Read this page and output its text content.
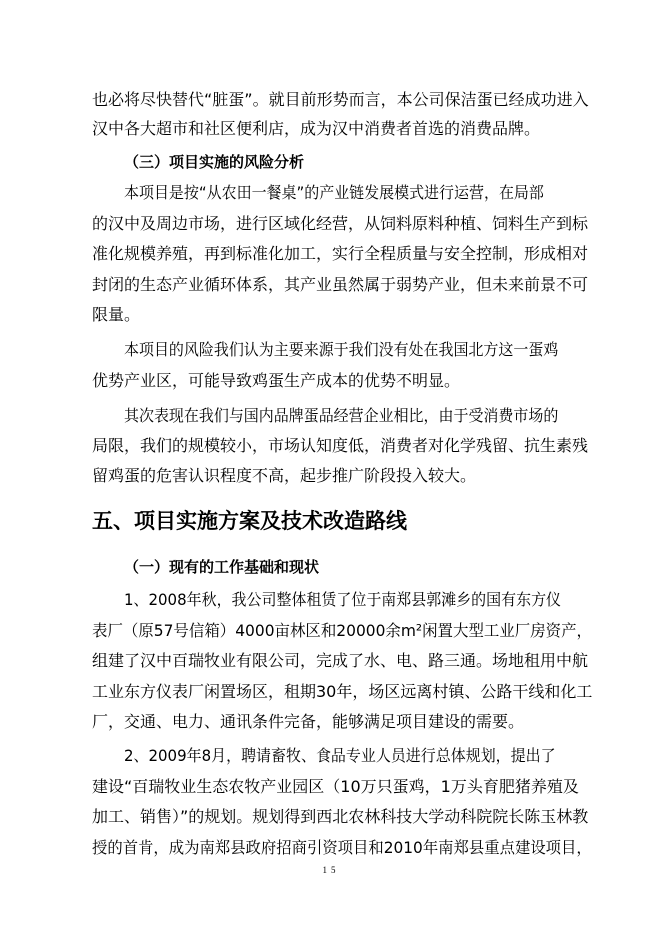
也必将尽快替代“脏蛋”。就目前形势而言，本公司保洁蛋已经成功进入
汉中各大超市和社区便利店，成为汉中消费者首选的消费品牌。
（三）项目实施的风险分析
本项目是按“从农田一餐桌”的产业链发展模式进行运营，在局部
的汉中及周边市场，进行区域化经营，从饲料原料种植、饲料生产到标
准化规模养殖，再到标准化加工，实行全程质量与安全控制，形成相对
封闭的生态产业循环体系，其产业虽然属于弱势产业，但未来前景不可
限量。
本项目的风险我们认为主要来源于我们没有处在我国北方这一蛋鸡
优势产业区，可能导致鸡蛋生产成本的优势不明显。
其次表现在我们与国内品牌蛋品经营企业相比，由于受消费市场的
局限，我们的规模较小，市场认知度低，消费者对化学残留、抗生素残
留鸡蛋的危害认识程度不高，起步推广阶段投入较大。
五、项目实施方案及技术改造路线
（一）现有的工作基础和现状
1、2008年秋，我公司整体租赁了位于南郑县郭滩乡的国有东方仪
表厂（原57号信箱）4000亩林区和20000余m²闲置大型工业厂房资产，
组建了汉中百瑞牧业有限公司，完成了水、电、路三通。场地租用中航
工业东方仪表厂闲置场区，租期30年，场区远离村镇、公路干线和化工
厂，交通、电力、通讯条件完备，能够满足项目建设的需要。
2、2009年8月，聘请畜牧、食品专业人员进行总体规划，提出了
建设“百瑞牧业生态农牧产业园区（10万只蛋鸡，1万头育肥猪养殖及
加工、销售）”的规划。规划得到西北农林科技大学动科院院长陈玉林教
授的首肯，成为南郑县政府招商引资项目和2010年南郑县重点建设项目，
15
